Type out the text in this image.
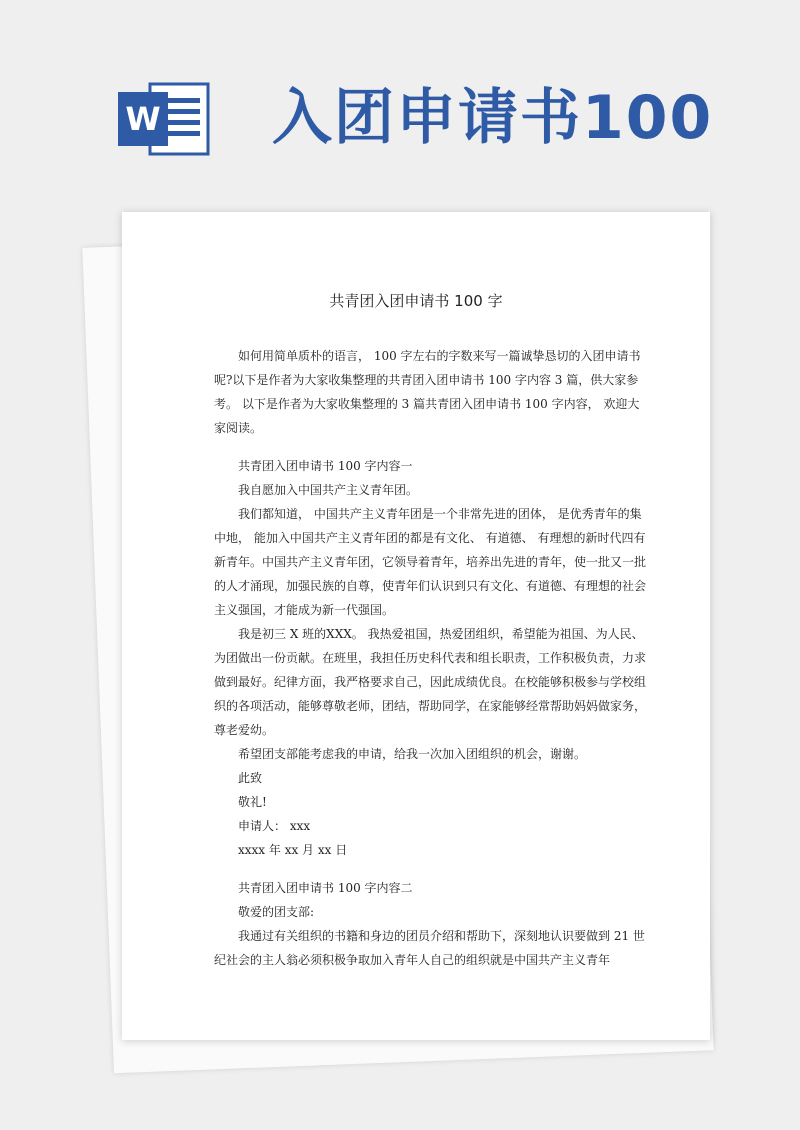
W 入团申请书100
共青团入团申请书 100 字

如何用简单质朴的语言， 100 字左右的字数来写一篇诚挚恳切的入团申请书呢?以下是作者为大家收集整理的共青团入团申请书 100 字内容 3 篇，供大家参考。 以下是作者为大家收集整理的 3 篇共青团入团申请书 100 字内容， 欢迎大家阅读。

共青团入团申请书 100 字内容一

我自愿加入中国共产主义青年团。

我们都知道， 中国共产主义青年团是一个非常先进的团体， 是优秀青年的集中地， 能加入中国共产主义青年团的都是有文化、 有道德、 有理想的新时代四有新青年。中国共产主义青年团，它领导着青年，培养出先进的青年，使一批又一批的人才涌现，加强民族的自尊，使青年们认识到只有文化、有道德、有理想的社会主义强国，才能成为新一代强国。

我是初三 X 班的XXX。 我热爱祖国，热爱团组织，希望能为祖国、为人民、为团做出一份贡献。在班里，我担任历史科代表和组长职责，工作积极负责，力求做到最好。纪律方面，我严格要求自己，因此成绩优良。在校能够积极参与学校组织的各项活动，能够尊敬老师，团结，帮助同学，在家能够经常帮助妈妈做家务，尊老爱幼。

希望团支部能考虑我的申请，给我一次加入团组织的机会，谢谢。

此致

敬礼!

申请人： xxx

xxxx 年 xx 月 xx 日

共青团入团申请书 100 字内容二

敬爱的团支部:

我通过有关组织的书籍和身边的团员介绍和帮助下，深刻地认识要做到 21 世纪社会的主人翁必须积极争取加入青年人自己的组织就是中国共产主义青年
